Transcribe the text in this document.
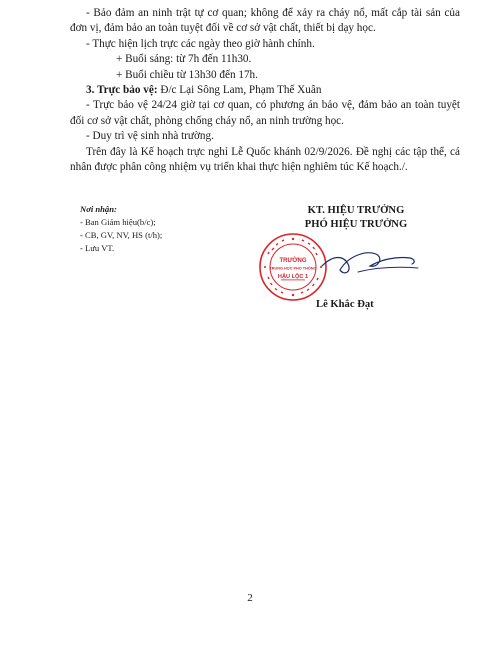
- Bảo đảm an ninh trật tự cơ quan; không để xảy ra cháy nổ, mất cắp tài sản của đơn vị, đảm bảo an toàn tuyệt đối về cơ sở vật chất, thiết bị dạy học.

- Thực hiện lịch trực các ngày theo giờ hành chính.

+ Buổi sáng: từ 7h đến 11h30.

+ Buổi chiều từ 13h30 đến 17h.

3. Trực bảo vệ: Đ/c Lại Sông Lam, Phạm Thế Xuân

- Trực bảo vệ 24/24 giờ tại cơ quan, có phương án bảo vệ, đảm bảo an toàn tuyệt đối cơ sở vật chất, phòng chống cháy nổ, an ninh trường học.

- Duy trì vệ sinh nhà trường.

Trên đây là Kế hoạch trực nghỉ Lễ Quốc khánh 02/9/2026. Đề nghị các tập thể, cá nhân được phân công nhiệm vụ triển khai thực hiện nghiêm túc Kế hoạch./.

Nơi nhận:
- Ban Giám hiệu(b/c);
- CB, GV, NV, HS (t/h);
- Lưu VT.
KT. HIỆU TRƯỞNG
PHÓ HIỆU TRƯỞNG
TRƯỜNG
TRUNG HỌC PHỔ THÔNG
HẬU LỘC 1
Lê Khắc Đạt
2
